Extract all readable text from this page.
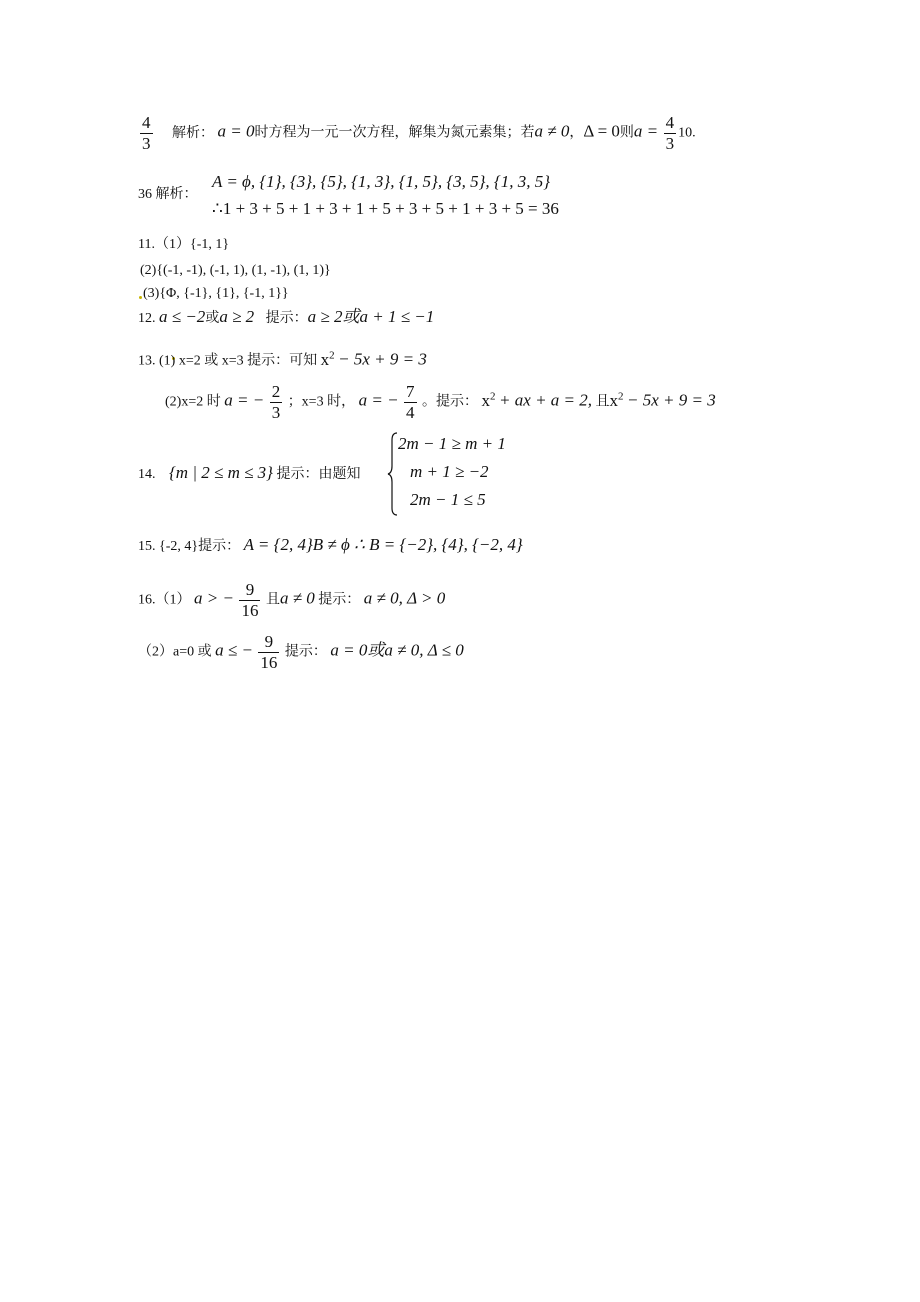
$\frac{4}{3}$ 解析： a = 0时方程为一元一次方程，解集为氮元素集；若a ≠ 0，Δ = 0则$a = \frac{4}{3} 10$.
36 解析：
A = ϕ, {1}, {3}, {5}, {1, 3}, {1, 5}, {3, 5}, {1, 3, 5}
∴1 + 3 + 5 + 1 + 3 + 1 + 5 + 3 + 5 + 1 + 3 + 5 = 36
11.（1）{-1, 1}
(2){(-1, -1), (-1, 1), (1, -1), (1, 1)}
(3){Φ, {-1}, {1}, {-1, 1}}
12. a ≤ −2或a ≥ 2 提示：a ≥ 2或a + 1 ≤ −1
13. (1) x=2 或 x=3 提示：可知 $x^2 - 5x + 9 = 3$
(2)x=2 时 a = − $\frac{2}{3}$ ；x=3 时， a = − $\frac{7}{4}$ 。提示： $x^2$ + ax + a = 2, 且$x^2 - 5x + 9 = 3$
14. {m | 2 ≤ m ≤ 3} 提示：由题知
2m − 1 ≥ m + 1
m + 1 ≥ −2
2m − 1 ≤ 5
15. {-2, 4}提示： A = {2, 4}B ≠ ϕ ∴ B = {−2}, {4}, {−2, 4}
16.（1） a > − $\frac{9}{16}$ 且a ≠ 0 提示： a ≠ 0, Δ > 0
（2）a=0 或 a ≤ − $\frac{9}{16}$ 提示： a = 0或a ≠ 0, Δ ≤ 0
